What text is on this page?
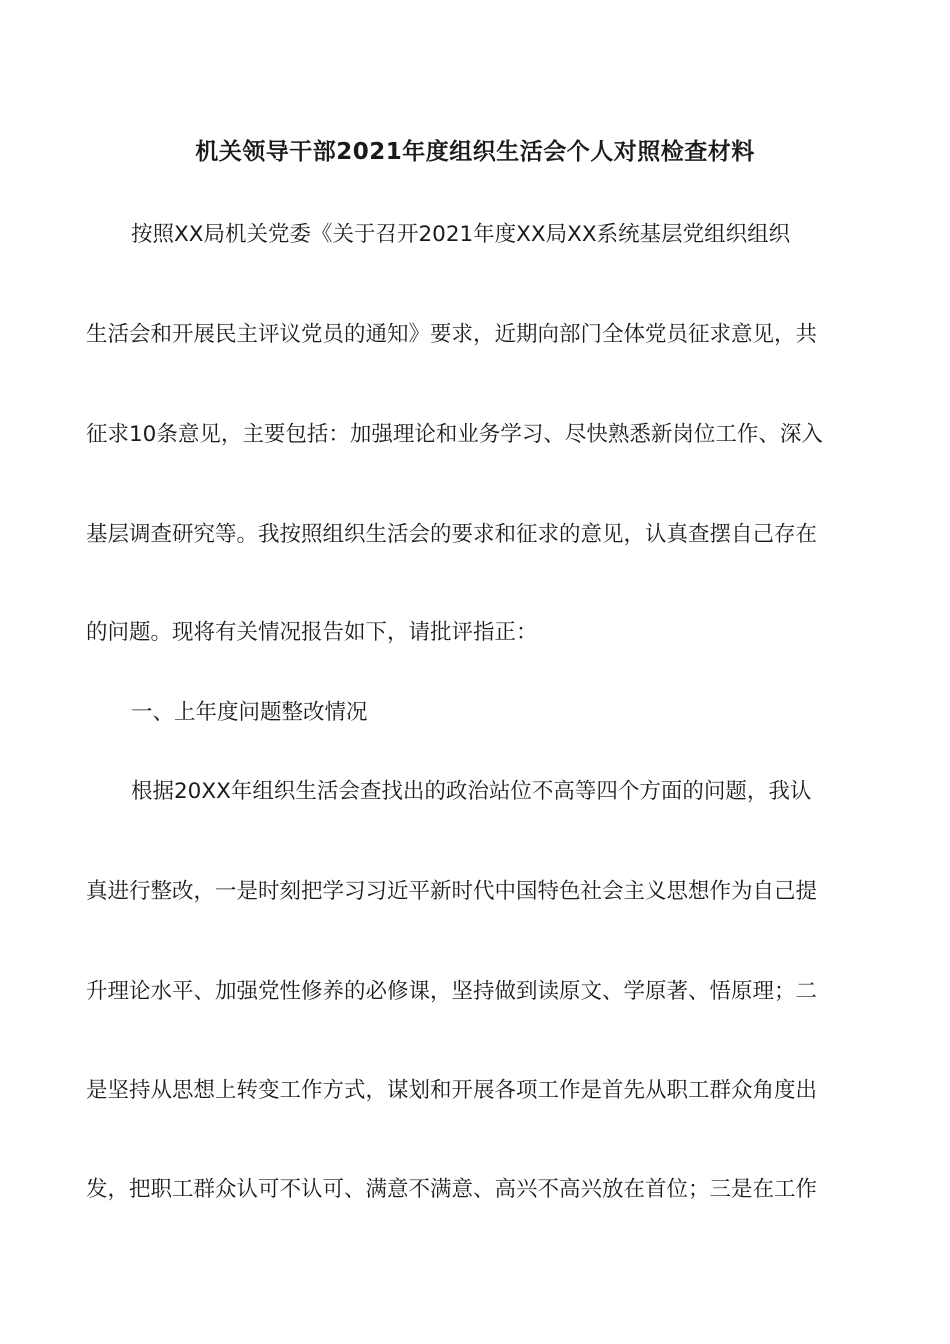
机关领导干部2021年度组织生活会个人对照检查材料
按照XX局机关党委《关于召开2021年度XX局XX系统基层党组织组织
生活会和开展民主评议党员的通知》要求，近期向部门全体党员征求意见，共
征求10条意见，主要包括：加强理论和业务学习、尽快熟悉新岗位工作、深入
基层调查研究等。我按照组织生活会的要求和征求的意见，认真查摆自己存在
的问题。现将有关情况报告如下，请批评指正：
一、上年度问题整改情况
根据20XX年组织生活会查找出的政治站位不高等四个方面的问题，我认
真进行整改，一是时刻把学习习近平新时代中国特色社会主义思想作为自己提
升理论水平、加强党性修养的必修课，坚持做到读原文、学原著、悟原理；二
是坚持从思想上转变工作方式，谋划和开展各项工作是首先从职工群众角度出
发，把职工群众认可不认可、满意不满意、高兴不高兴放在首位；三是在工作
